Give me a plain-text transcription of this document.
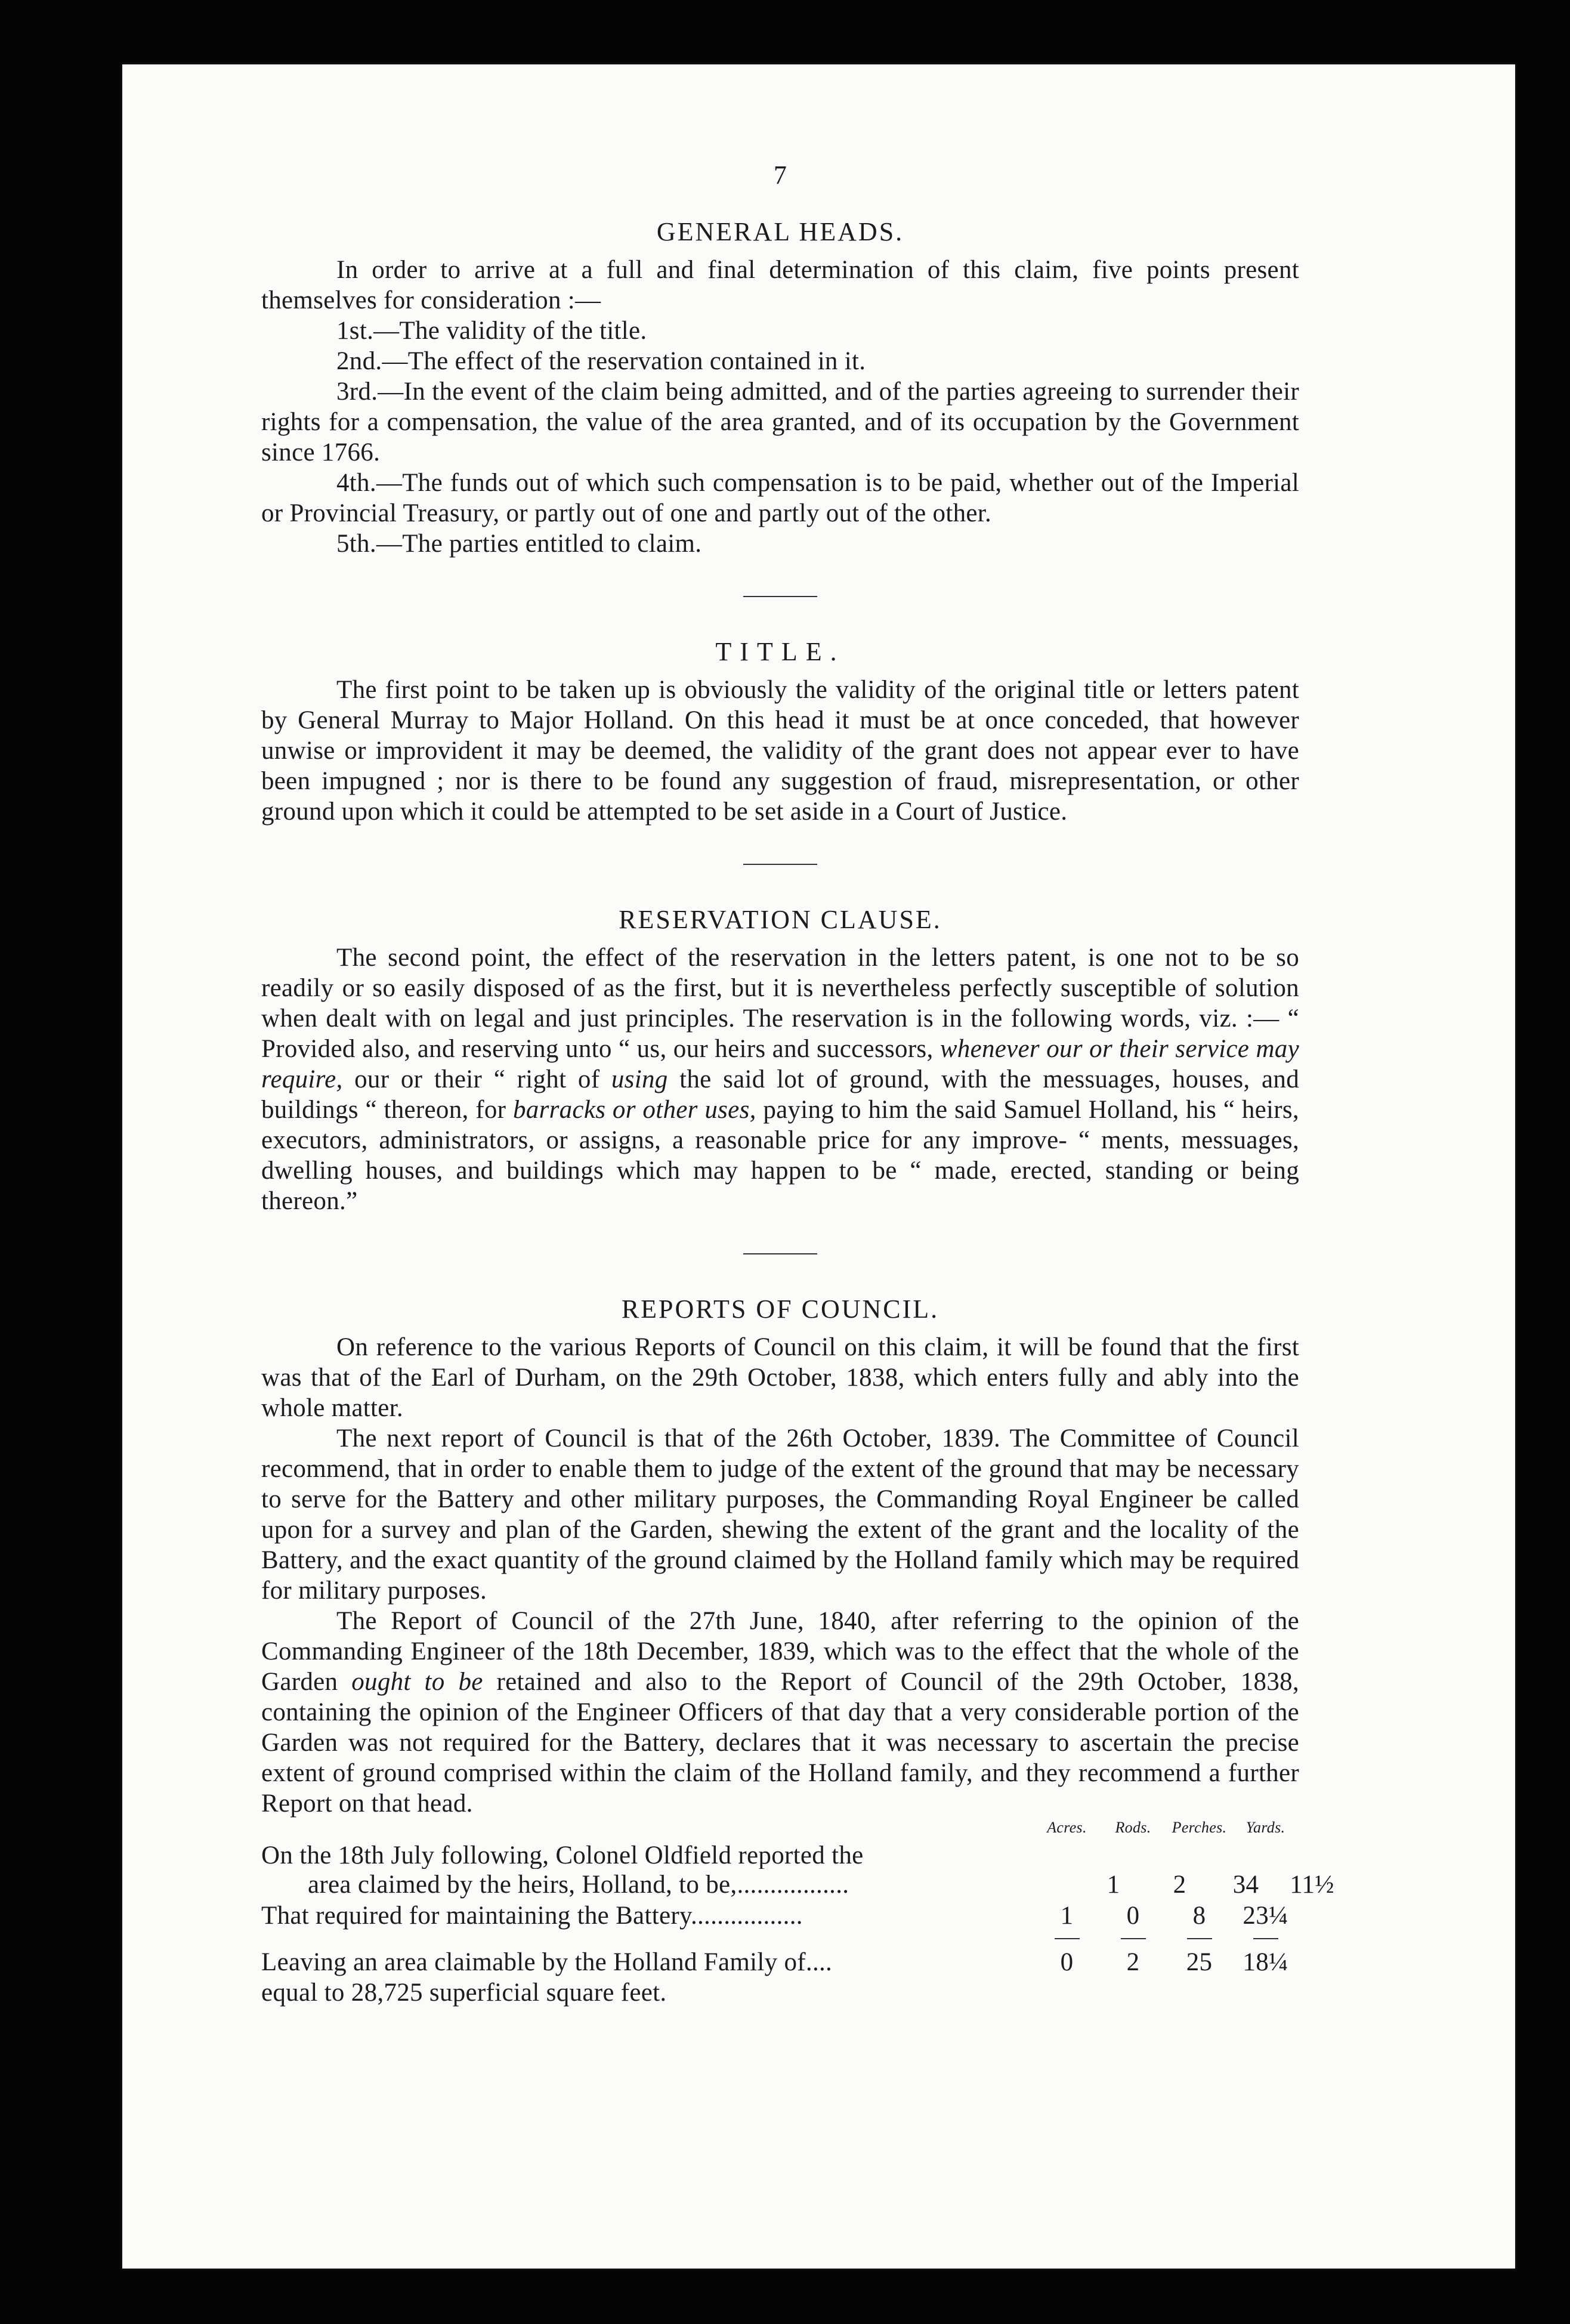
7
GENERAL HEADS.

In order to arrive at a full and final determination of this claim, five points present themselves for consideration :—

1st.—The validity of the title.

2nd.—The effect of the reservation contained in it.

3rd.—In the event of the claim being admitted, and of the parties agreeing to surrender their rights for a compensation, the value of the area granted, and of its occupation by the Government since 1766.

4th.—The funds out of which such compensation is to be paid, whether out of the Imperial or Provincial Treasury, or partly out of one and partly out of the other.

5th.—The parties entitled to claim.

TITLE.

The first point to be taken up is obviously the validity of the original title or letters patent by General Murray to Major Holland. On this head it must be at once conceded, that however unwise or improvident it may be deemed, the validity of the grant does not appear ever to have been impugned ; nor is there to be found any suggestion of fraud, misrepresentation, or other ground upon which it could be attempted to be set aside in a Court of Justice.

RESERVATION CLAUSE.

The second point, the effect of the reservation in the letters patent, is one not to be so readily or so easily disposed of as the first, but it is nevertheless perfectly susceptible of solution when dealt with on legal and just principles. The reservation is in the following words, viz. :— “ Provided also, and reserving unto “ us, our heirs and successors, whenever our or their service may require, our or their “ right of using the said lot of ground, with the messuages, houses, and buildings “ thereon, for barracks or other uses, paying to him the said Samuel Holland, his “ heirs, executors, administrators, or assigns, a reasonable price for any improve- “ ments, messuages, dwelling houses, and buildings which may happen to be “ made, erected, standing or being thereon.”

REPORTS OF COUNCIL.

On reference to the various Reports of Council on this claim, it will be found that the first was that of the Earl of Durham, on the 29th October, 1838, which enters fully and ably into the whole matter.

The next report of Council is that of the 26th October, 1839. The Committee of Council recommend, that in order to enable them to judge of the extent of the ground that may be necessary to serve for the Battery and other military purposes, the Commanding Royal Engineer be called upon for a survey and plan of the Garden, shewing the extent of the grant and the locality of the Battery, and the exact quantity of the ground claimed by the Holland family which may be required for military purposes.

The Report of Council of the 27th June, 1840, after referring to the opinion of the Commanding Engineer of the 18th December, 1839, which was to the effect that the whole of the Garden ought to be retained and also to the Report of Council of the 29th October, 1838, containing the opinion of the Engineer Officers of that day that a very considerable portion of the Garden was not required for the Battery, declares that it was necessary to ascertain the precise extent of ground comprised within the claim of the Holland family, and they recommend a further Report on that head.

Acres.	Rods.	Perches.	Yards.
On the 18th July following, Colonel Oldfield reported the
area claimed by the heirs, Holland, to be,.................	1	2	34	11½
That required for maintaining the Battery.................	1	0	8	23¼
Leaving an area claimable by the Holland Family of....	0	2	25	18¼

equal to 28,725 superficial square feet.
